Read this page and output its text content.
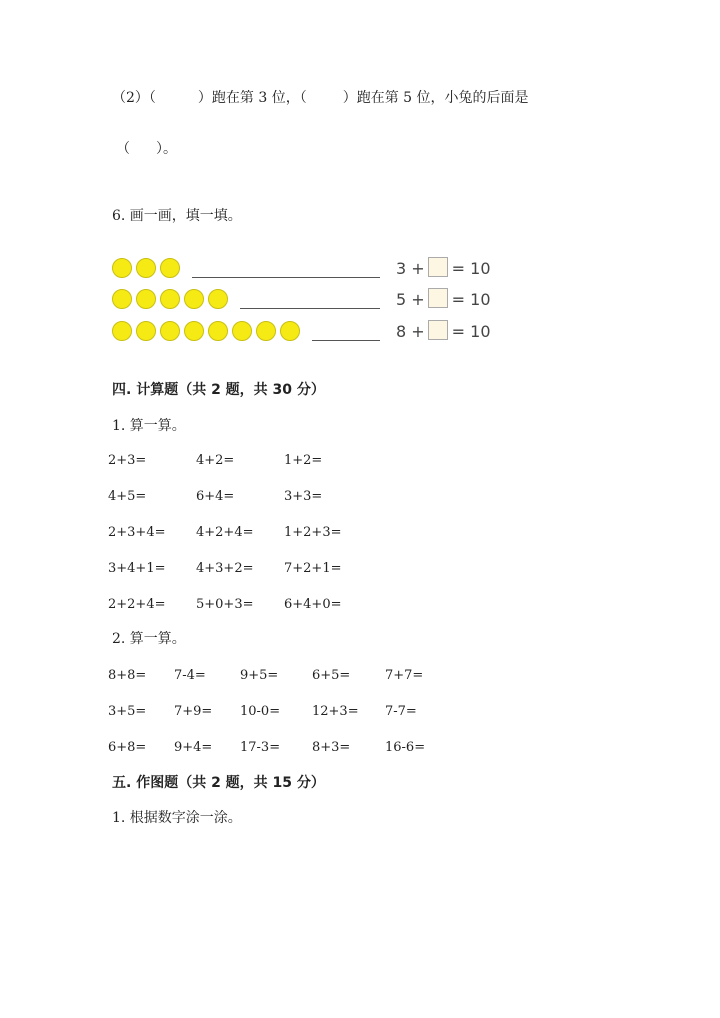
（2）（	）跑在第 3 位，（	）跑在第 5 位，小兔的后面是
（ ）。
6. 画一画，填一填。
3 + = 10
5 + = 10
8 + = 10
四. 计算题（共 2 题，共 30 分）
1. 算一算。
2+3=	4+2=	1+2=
4+5=	6+4=	3+3=
2+3+4= 4+2+4= 1+2+3=
3+4+1= 4+3+2= 7+2+1=
2+2+4= 5+0+3= 6+4+0=
2. 算一算。
8+8= 7-4=	9+5=	6+5=	7+7=
3+5= 7+9= 10-0= 12+3= 7-7=
6+8= 9+4= 17-3= 8+3=	16-6=
五. 作图题（共 2 题，共 15 分）
1. 根据数字涂一涂。
